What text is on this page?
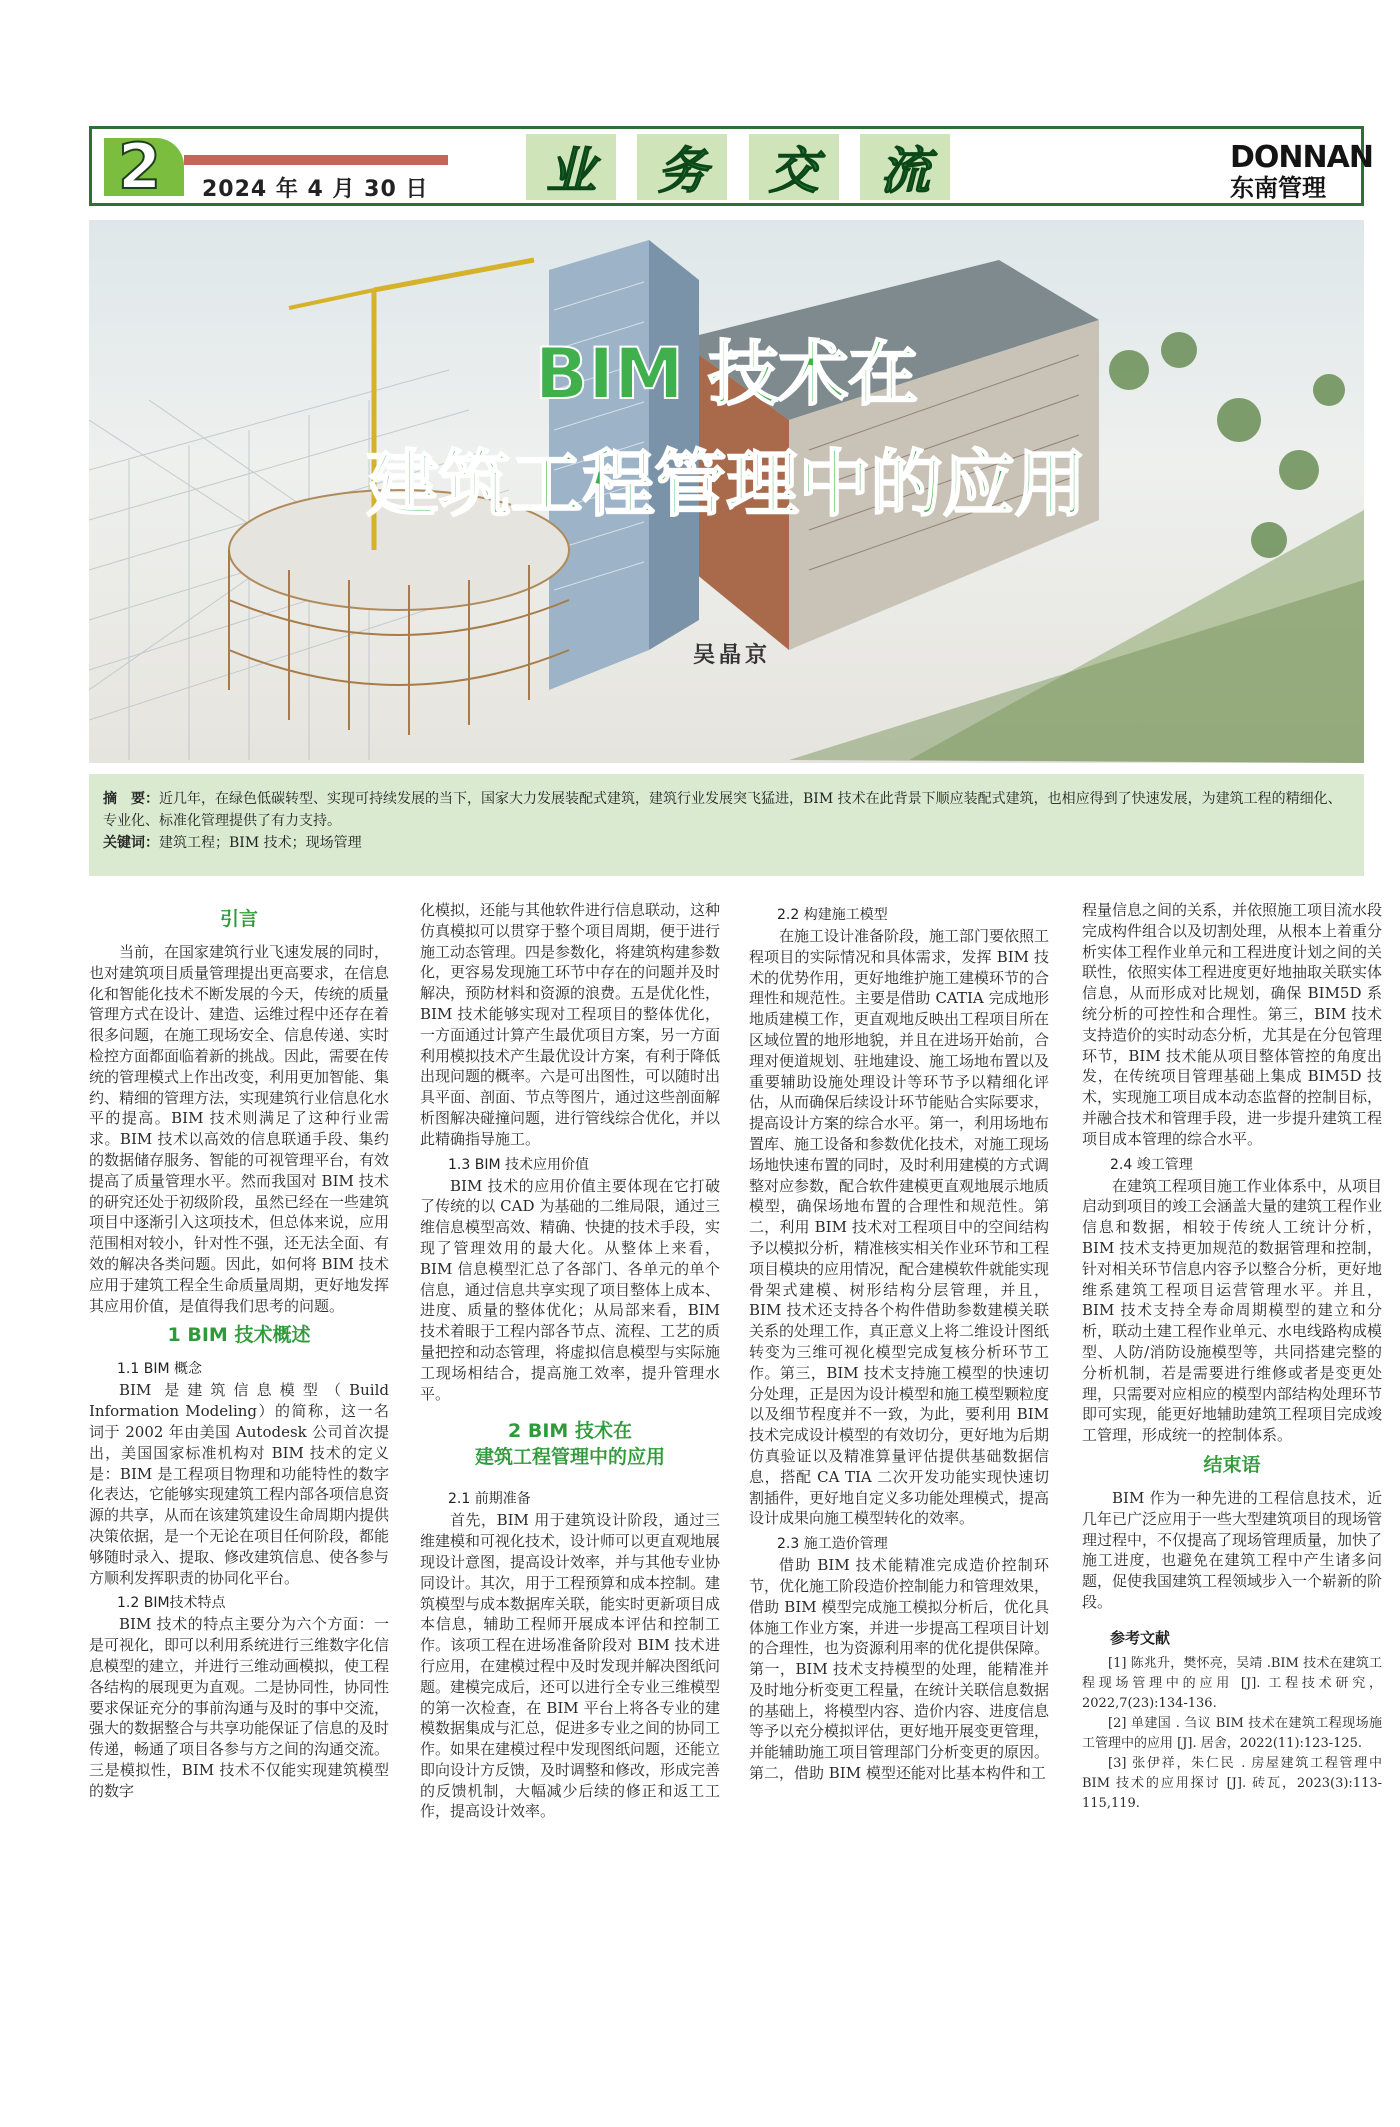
2 2024 年 4 月 30 日	业	务	交	流	DONNAN
东南管理
BIM 技术在
建筑工程管理中的应用
吴晶京
摘　要：近几年，在绿色低碳转型、实现可持续发展的当下，国家大力发展装配式建筑，建筑行业发展突飞猛进，BIM 技术在此背景下顺应装配式建筑，也相应得到了快速发展，为建筑工程的精细化、专业化、标准化管理提供了有力支持。
关键词：建筑工程；BIM 技术；现场管理
引言

当前，在国家建筑行业飞速发展的同时，也对建筑项目质量管理提出更高要求，在信息化和智能化技术不断发展的今天，传统的质量管理方式在设计、建造、运维过程中还存在着很多问题，在施工现场安全、信息传递、实时检控方面都面临着新的挑战。因此，需要在传统的管理模式上作出改变，利用更加智能、集约、精细的管理方法，实现建筑行业信息化水平的提高。BIM 技术则满足了这种行业需求。BIM 技术以高效的信息联通手段、集约的数据储存服务、智能的可视管理平台，有效提高了质量管理水平。然而我国对 BIM 技术的研究还处于初级阶段，虽然已经在一些建筑项目中逐渐引入这项技术，但总体来说，应用范围相对较小，针对性不强，还无法全面、有效的解决各类问题。因此，如何将 BIM 技术应用于建筑工程全生命质量周期，更好地发挥其应用价值，是值得我们思考的问题。

1 BIM 技术概述
1.1 BIM 概念

BIM 是建筑信息模型（Build Information Modeling）的简称，这一名词于 2002 年由美国 Autodesk 公司首次提出，美国国家标准机构对 BIM 技术的定义是：BIM 是工程项目物理和功能特性的数字化表达，它能够实现建筑工程内部各项信息资源的共享，从而在该建筑建设生命周期内提供决策依据，是一个无论在项目任何阶段，都能够随时录入、提取、修改建筑信息、使各参与方顺利发挥职责的协同化平台。

1.2 BIM技术特点

BIM 技术的特点主要分为六个方面：一是可视化，即可以利用系统进行三维数字化信息模型的建立，并进行三维动画模拟，使工程各结构的展现更为直观。二是协同性，协同性要求保证充分的事前沟通与及时的事中交流，强大的数据整合与共享功能保证了信息的及时传递，畅通了项目各参与方之间的沟通交流。三是模拟性，BIM 技术不仅能实现建筑模型的数字

化模拟，还能与其他软件进行信息联动，这种仿真模拟可以贯穿于整个项目周期，便于进行施工动态管理。四是参数化，将建筑构建参数化，更容易发现施工环节中存在的问题并及时解决，预防材料和资源的浪费。五是优化性，BIM 技术能够实现对工程项目的整体优化，一方面通过计算产生最优项目方案，另一方面利用模拟技术产生最优设计方案，有利于降低出现问题的概率。六是可出图性，可以随时出具平面、剖面、节点等图片，通过这些剖面解析图解决碰撞问题，进行管线综合优化，并以此精确指导施工。

1.3 BIM 技术应用价值

BIM 技术的应用价值主要体现在它打破了传统的以 CAD 为基础的二维局限，通过三维信息模型高效、精确、快捷的技术手段，实现了管理效用的最大化。从整体上来看，BIM 信息模型汇总了各部门、各单元的单个信息，通过信息共享实现了项目整体上成本、进度、质量的整体优化；从局部来看，BIM 技术着眼于工程内部各节点、流程、工艺的质量把控和动态管理，将虚拟信息模型与实际施工现场相结合，提高施工效率，提升管理水平。

2 BIM 技术在
建筑工程管理中的应用
2.1 前期准备

首先，BIM 用于建筑设计阶段，通过三维建模和可视化技术，设计师可以更直观地展现设计意图，提高设计效率，并与其他专业协同设计。其次，用于工程预算和成本控制。建筑模型与成本数据库关联，能实时更新项目成本信息，辅助工程师开展成本评估和控制工作。该项工程在进场准备阶段对 BIM 技术进行应用，在建模过程中及时发现并解决图纸问题。建模完成后，还可以进行全专业三维模型的第一次检查，在 BIM 平台上将各专业的建模数据集成与汇总，促进多专业之间的协同工作。如果在建模过程中发现图纸问题，还能立即向设计方反馈，及时调整和修改，形成完善的反馈机制，大幅减少后续的修正和返工工作，提高设计效率。

2.2 构建施工模型

在施工设计准备阶段，施工部门要依照工程项目的实际情况和具体需求，发挥 BIM 技术的优势作用，更好地维护施工建模环节的合理性和规范性。主要是借助 CATIA 完成地形地质建模工作，更直观地反映出工程项目所在区域位置的地形地貌，并且在进场开始前，合理对便道规划、驻地建设、施工场地布置以及重要辅助设施处理设计等环节予以精细化评估，从而确保后续设计环节能贴合实际要求，提高设计方案的综合水平。第一，利用场地布置库、施工设备和参数优化技术，对施工现场场地快速布置的同时，及时利用建模的方式调整对应参数，配合软件建模更直观地展示地质模型，确保场地布置的合理性和规范性。第二，利用 BIM 技术对工程项目中的空间结构予以模拟分析，精准核实相关作业环节和工程项目模块的应用情况，配合建模软件就能实现骨架式建模、树形结构分层管理，并且，BIM 技术还支持各个构件借助参数建模关联关系的处理工作，真正意义上将二维设计图纸转变为三维可视化模型完成复核分析环节工作。第三，BIM 技术支持施工模型的快速切分处理，正是因为设计模型和施工模型颗粒度以及细节程度并不一致，为此，要利用 BIM 技术完成设计模型的有效切分，更好地为后期仿真验证以及精准算量评估提供基础数据信息，搭配 CA TIA 二次开发功能实现快速切割插件，更好地自定义多功能处理模式，提高设计成果向施工模型转化的效率。

2.3 施工造价管理

借助 BIM 技术能精准完成造价控制环节，优化施工阶段造价控制能力和管理效果，借助 BIM 模型完成施工模拟分析后，优化具体施工作业方案，并进一步提高工程项目计划的合理性，也为资源利用率的优化提供保障。第一，BIM 技术支持模型的处理，能精准并及时地分析变更工程量，在统计关联信息数据的基础上，将模型内容、造价内容、进度信息等予以充分模拟评估，更好地开展变更管理，并能辅助施工项目管理部门分析变更的原因。第二，借助 BIM 模型还能对比基本构件和工

程量信息之间的关系，并依照施工项目流水段完成构件组合以及切割处理，从根本上着重分析实体工程作业单元和工程进度计划之间的关联性，依照实体工程进度更好地抽取关联实体信息，从而形成对比规划，确保 BIM5D 系统分析的可控性和合理性。第三，BIM 技术支持造价的实时动态分析，尤其是在分包管理环节，BIM 技术能从项目整体管控的角度出发，在传统项目管理基础上集成 BIM5D 技术，实现施工项目成本动态监督的控制目标，并融合技术和管理手段，进一步提升建筑工程项目成本管理的综合水平。

2.4 竣工管理

在建筑工程项目施工作业体系中，从项目启动到项目的竣工会涵盖大量的建筑工程作业信息和数据，相较于传统人工统计分析，BIM 技术支持更加规范的数据管理和控制，针对相关环节信息内容予以整合分析，更好地维系建筑工程项目运营管理水平。并且，BIM 技术支持全寿命周期模型的建立和分析，联动土建工程作业单元、水电线路构成模型、人防/消防设施模型等，共同搭建完整的分析机制，若是需要进行维修或者是变更处理，只需要对应相应的模型内部结构处理环节即可实现，能更好地辅助建筑工程项目完成竣工管理，形成统一的控制体系。

结束语

BIM 作为一种先进的工程信息技术，近几年已广泛应用于一些大型建筑项目的现场管理过程中，不仅提高了现场管理质量，加快了施工进度，也避免在建筑工程中产生诸多问题，促使我国建筑工程领域步入一个崭新的阶段。

参考文献

[1] 陈兆升，樊怀亮，吴靖 .BIM 技术在建筑工程现场管理中的应用 [J]. 工程技术研究，2022,7(23):134-136.

[2] 单建国 . 刍议 BIM 技术在建筑工程现场施工管理中的应用 [J]. 居舍，2022(11):123-125.

[3] 张伊祥，朱仁民 . 房屋建筑工程管理中 BIM 技术的应用探讨 [J]. 砖瓦，2023(3):113-115,119.
